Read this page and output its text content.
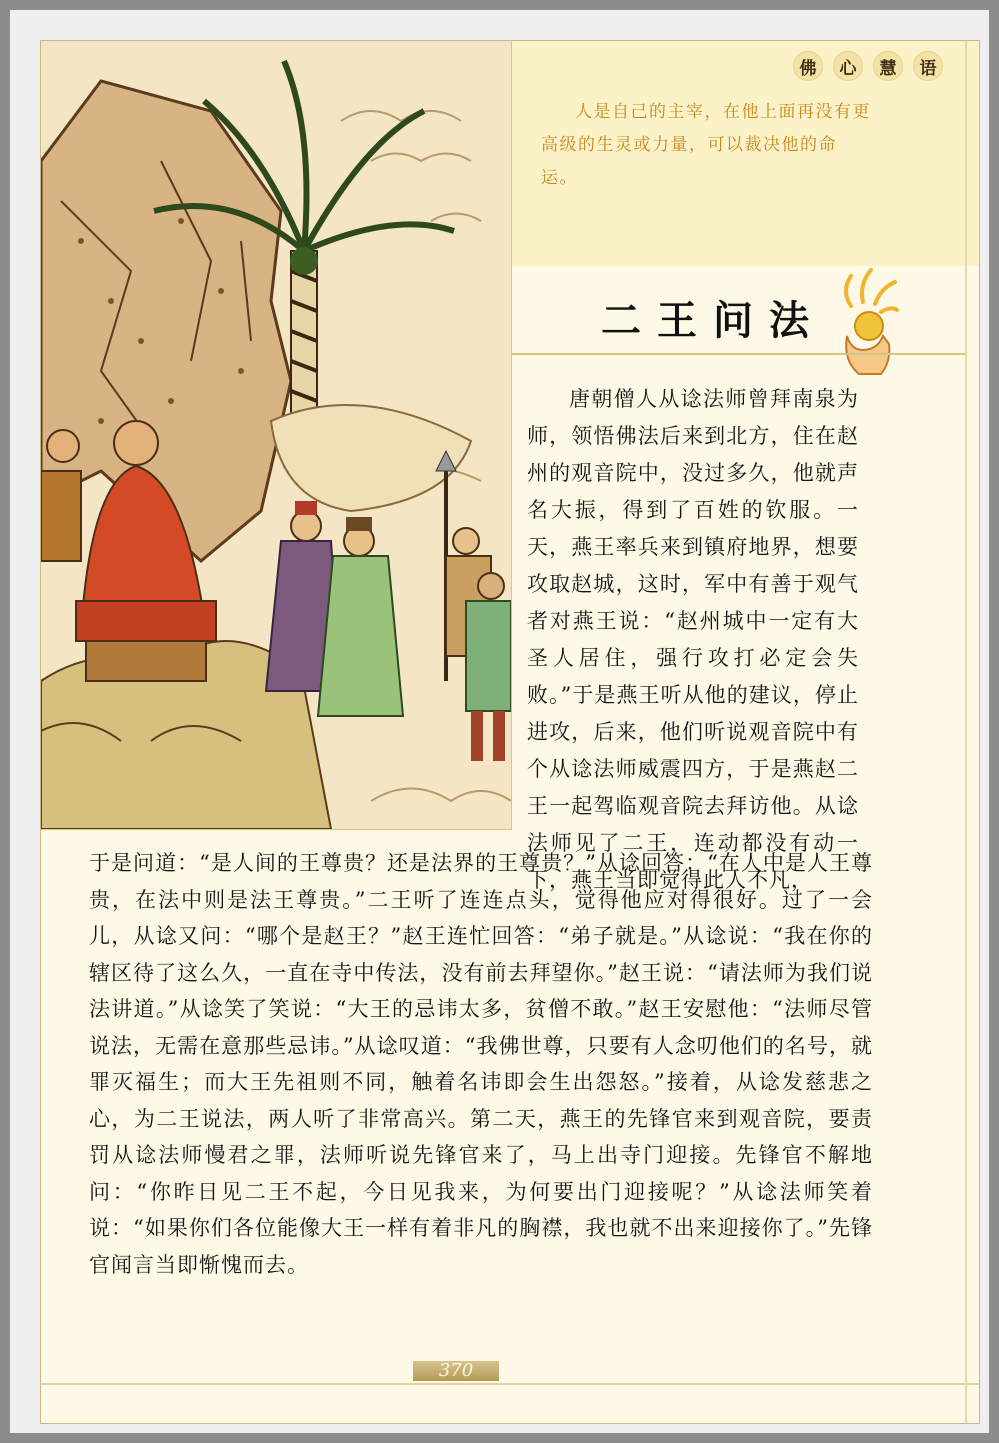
佛	心	慧	语
人是自己的主宰，在他上面再没有更高级的生灵或力量，可以裁决他的命运。
二王问法
唐朝僧人从谂法师曾拜南泉为师，领悟佛法后来到北方，住在赵州的观音院中，没过多久，他就声名大振，得到了百姓的钦服。一天，燕王率兵来到镇府地界，想要攻取赵城，这时，军中有善于观气者对燕王说：“赵州城中一定有大圣人居住，强行攻打必定会失败。”于是燕王听从他的建议，停止进攻，后来，他们听说观音院中有个从谂法师威震四方，于是燕赵二王一起驾临观音院去拜访他。从谂法师见了二王，连动都没有动一下，燕王当即觉得此人不凡，
于是问道：“是人间的王尊贵？还是法界的王尊贵？”从谂回答：“在人中是人王尊贵，在法中则是法王尊贵。”二王听了连连点头，觉得他应对得很好。过了一会儿，从谂又问：“哪个是赵王？”赵王连忙回答：“弟子就是。”从谂说：“我在你的辖区待了这么久，一直在寺中传法，没有前去拜望你。”赵王说：“请法师为我们说法讲道。”从谂笑了笑说：“大王的忌讳太多，贫僧不敢。”赵王安慰他：“法师尽管说法，无需在意那些忌讳。”从谂叹道：“我佛世尊，只要有人念叨他们的名号，就罪灭福生；而大王先祖则不同，触着名讳即会生出怨怒。”接着，从谂发慈悲之心，为二王说法，两人听了非常高兴。第二天，燕王的先锋官来到观音院，要责罚从谂法师慢君之罪，法师听说先锋官来了，马上出寺门迎接。先锋官不解地问：“你昨日见二王不起，今日见我来，为何要出门迎接呢？”从谂法师笑着说：“如果你们各位能像大王一样有着非凡的胸襟，我也就不出来迎接你了。”先锋官闻言当即惭愧而去。
370
